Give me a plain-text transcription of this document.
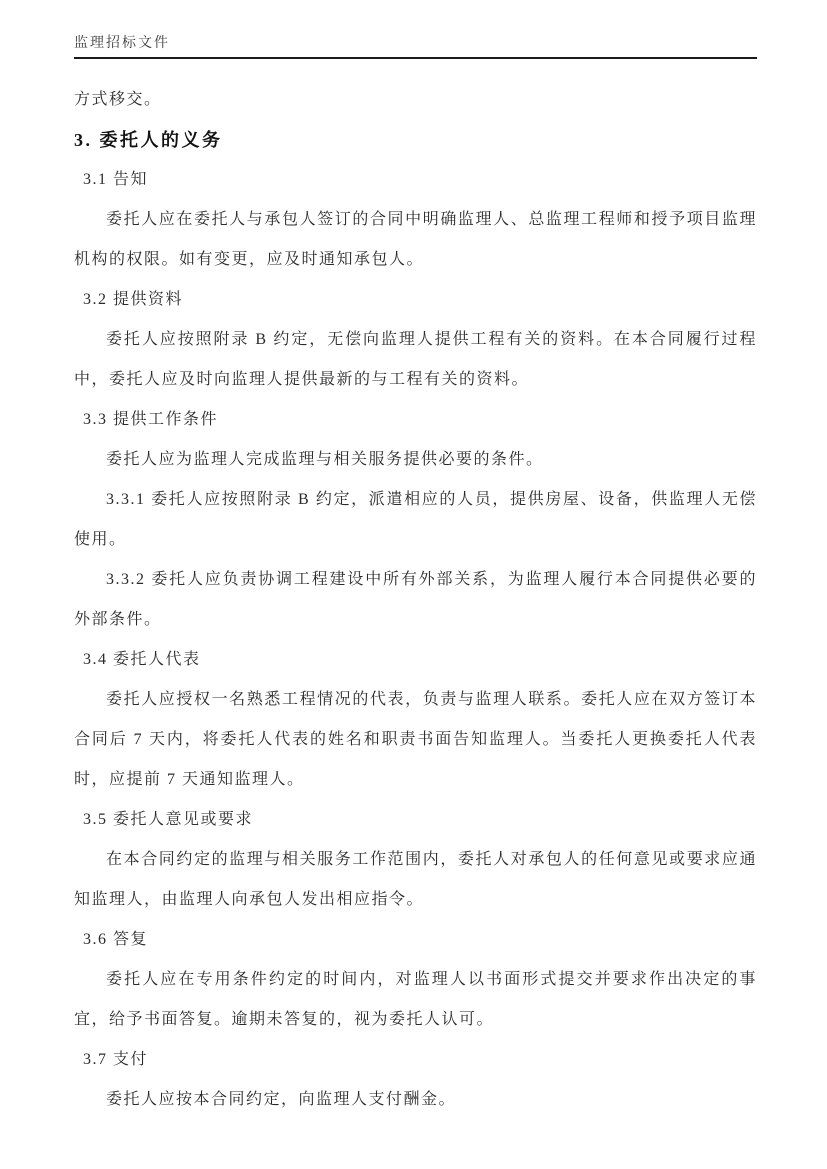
监理招标文件

方式移交。

3. 委托人的义务
3.1 告知

委托人应在委托人与承包人签订的合同中明确监理人、总监理工程师和授予项目监理机构的权限。如有变更，应及时通知承包人。

3.2 提供资料

委托人应按照附录 B 约定，无偿向监理人提供工程有关的资料。在本合同履行过程中，委托人应及时向监理人提供最新的与工程有关的资料。

3.3 提供工作条件

委托人应为监理人完成监理与相关服务提供必要的条件。

3.3.1 委托人应按照附录 B 约定，派遣相应的人员，提供房屋、设备，供监理人无偿使用。

3.3.2 委托人应负责协调工程建设中所有外部关系，为监理人履行本合同提供必要的外部条件。

3.4 委托人代表

委托人应授权一名熟悉工程情况的代表，负责与监理人联系。委托人应在双方签订本合同后 7 天内，将委托人代表的姓名和职责书面告知监理人。当委托人更换委托人代表时，应提前 7 天通知监理人。

3.5 委托人意见或要求

在本合同约定的监理与相关服务工作范围内，委托人对承包人的任何意见或要求应通知监理人，由监理人向承包人发出相应指令。

3.6 答复

委托人应在专用条件约定的时间内，对监理人以书面形式提交并要求作出决定的事宜，给予书面答复。逾期未答复的，视为委托人认可。

3.7 支付

委托人应按本合同约定，向监理人支付酬金。
